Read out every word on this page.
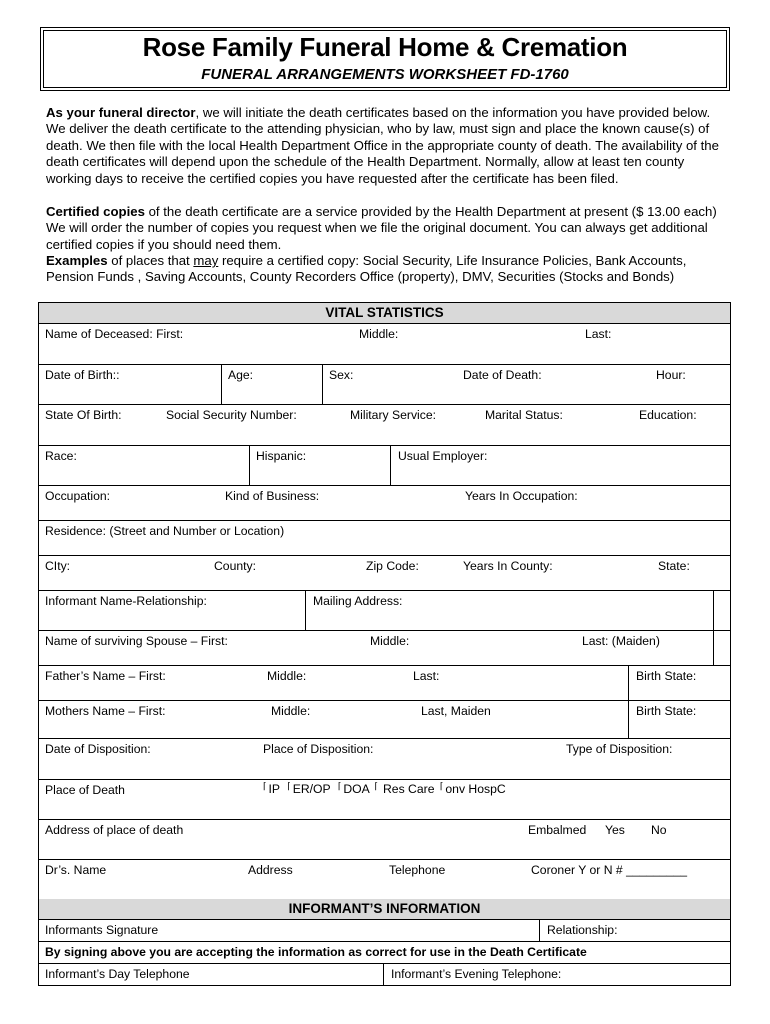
Rose Family Funeral Home & Cremation
FUNERAL ARRANGEMENTS WORKSHEET FD-1760
As your funeral director, we will initiate the death certificates based on the information you have provided below. We deliver the death certificate to the attending physician, who by law, must sign and place the known cause(s) of death. We then file with the local Health Department Office in the appropriate county of death. The availability of the death certificates will depend upon the schedule of the Health Department. Normally, allow at least ten county working days to receive the certified copies you have requested after the certificate has been filed.
Certified copies of the death certificate are a service provided by the Health Department at present ($ 13.00 each) We will order the number of copies you request when we file the original document. You can always get additional certified copies if you should need them.
Examples of places that may require a certified copy: Social Security, Life Insurance Policies, Bank Accounts, Pension Funds , Saving Accounts, County Recorders Office (property), DMV, Securities (Stocks and Bonds)
VITAL STATISTICS
Name of Deceased: First:	Middle:	Last:
Date of Birth::	Age:	Sex:	Date of Death:	Hour:
State Of Birth:	Social Security Number:	Military Service:	Marital Status:	Education:
Race:	Hispanic:	Usual Employer:
Occupation:	Kind of Business:	Years In Occupation:
Residence: (Street and Number or Location)
CIty:	County:	Zip Code:	Years In County:	State:
Informant Name-Relationship:	Mailing Address:
Name of surviving Spouse – First:	Middle:	Last: (Maiden)
Father’s Name – First:	Middle:	Last:	Birth State:
Mothers Name – First:	Middle:	Last, Maiden	Birth State:
Date of Disposition:	Place of Disposition:	Type of Disposition:
Place of Death	⌈ IP ⌈ ER/OP ⌈ DOA ⌈ Res Care ⌈ onv HospC
Address of place of death	Embalmed Yes No
Dr’s. Name	Address	Telephone	Coroner Y or N # _________
INFORMANT’S INFORMATION
Informants Signature	Relationship:
By signing above you are accepting the information as correct for use in the Death Certificate
Informant’s Day Telephone	Informant’s Evening Telephone:
